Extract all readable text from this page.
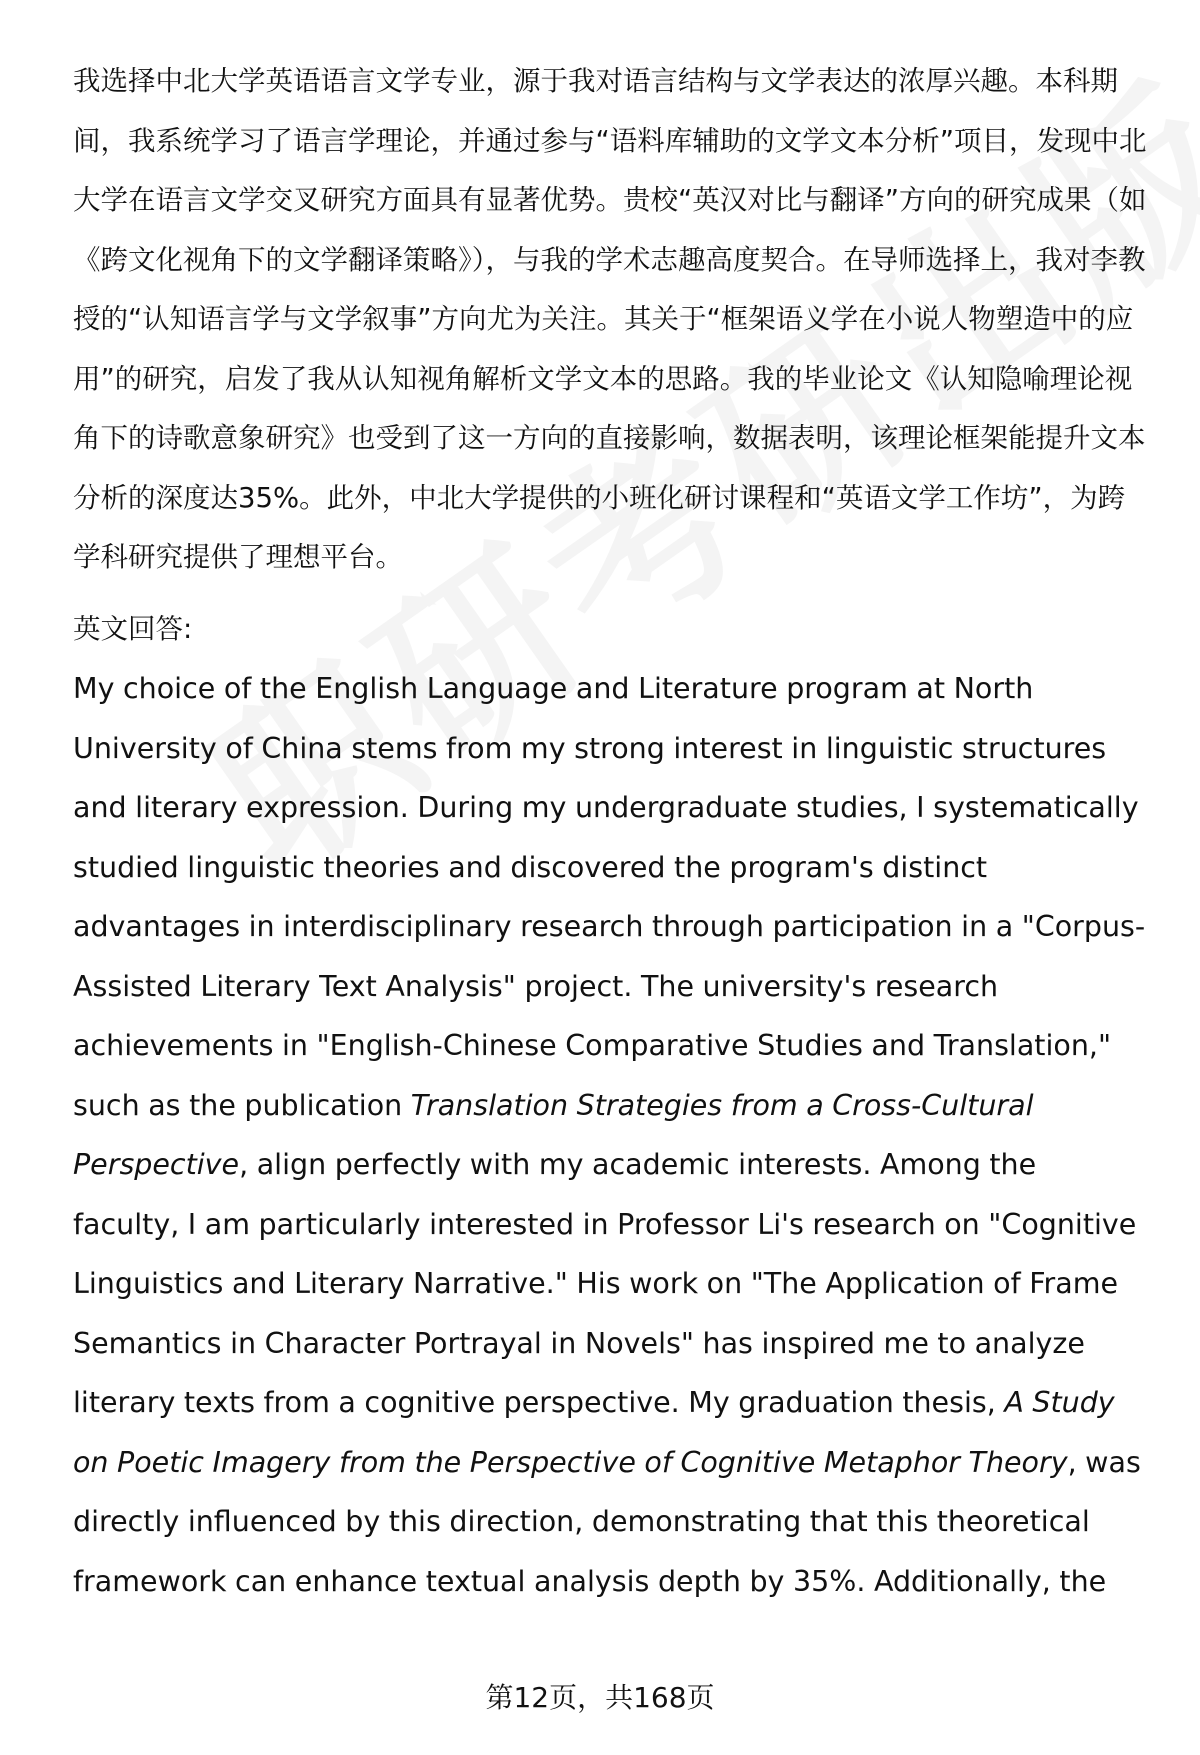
我选择中北大学英语语言文学专业，源于我对语言结构与文学表达的浓厚兴趣。本科期间，我系统学习了语言学理论，并通过参与“语料库辅助的文学文本分析”项目，发现中北大学在语言文学交叉研究方面具有显著优势。贵校“英汉对比与翻译”方向的研究成果（如《跨文化视角下的文学翻译策略》），与我的学术志趣高度契合。在导师选择上，我对李教授的“认知语言学与文学叙事”方向尤为关注。其关于“框架语义学在小说人物塑造中的应用”的研究，启发了我从认知视角解析文学文本的思路。我的毕业论文《认知隐喻理论视角下的诗歌意象研究》也受到了这一方向的直接影响，数据表明，该理论框架能提升文本分析的深度达35%。此外，中北大学提供的小班化研讨课程和“英语文学工作坊”，为跨学科研究提供了理想平台。

英文回答:

My choice of the English Language and Literature program at North University of China stems from my strong interest in linguistic structures and literary expression. During my undergraduate studies, I systematically studied linguistic theories and discovered the program's distinct advantages in interdisciplinary research through participation in a "Corpus-Assisted Literary Text Analysis" project. The university's research achievements in "English-Chinese Comparative Studies and Translation," such as the publication Translation Strategies from a Cross-Cultural Perspective, align perfectly with my academic interests. Among the faculty, I am particularly interested in Professor Li's research on "Cognitive Linguistics and Literary Narrative." His work on "The Application of Frame Semantics in Character Portrayal in Novels" has inspired me to analyze literary texts from a cognitive perspective. My graduation thesis, A Study on Poetic Imagery from the Perspective of Cognitive Metaphor Theory, was directly influenced by this direction, demonstrating that this theoretical framework can enhance textual analysis depth by 35%. Additionally, the

第12页，共168页
